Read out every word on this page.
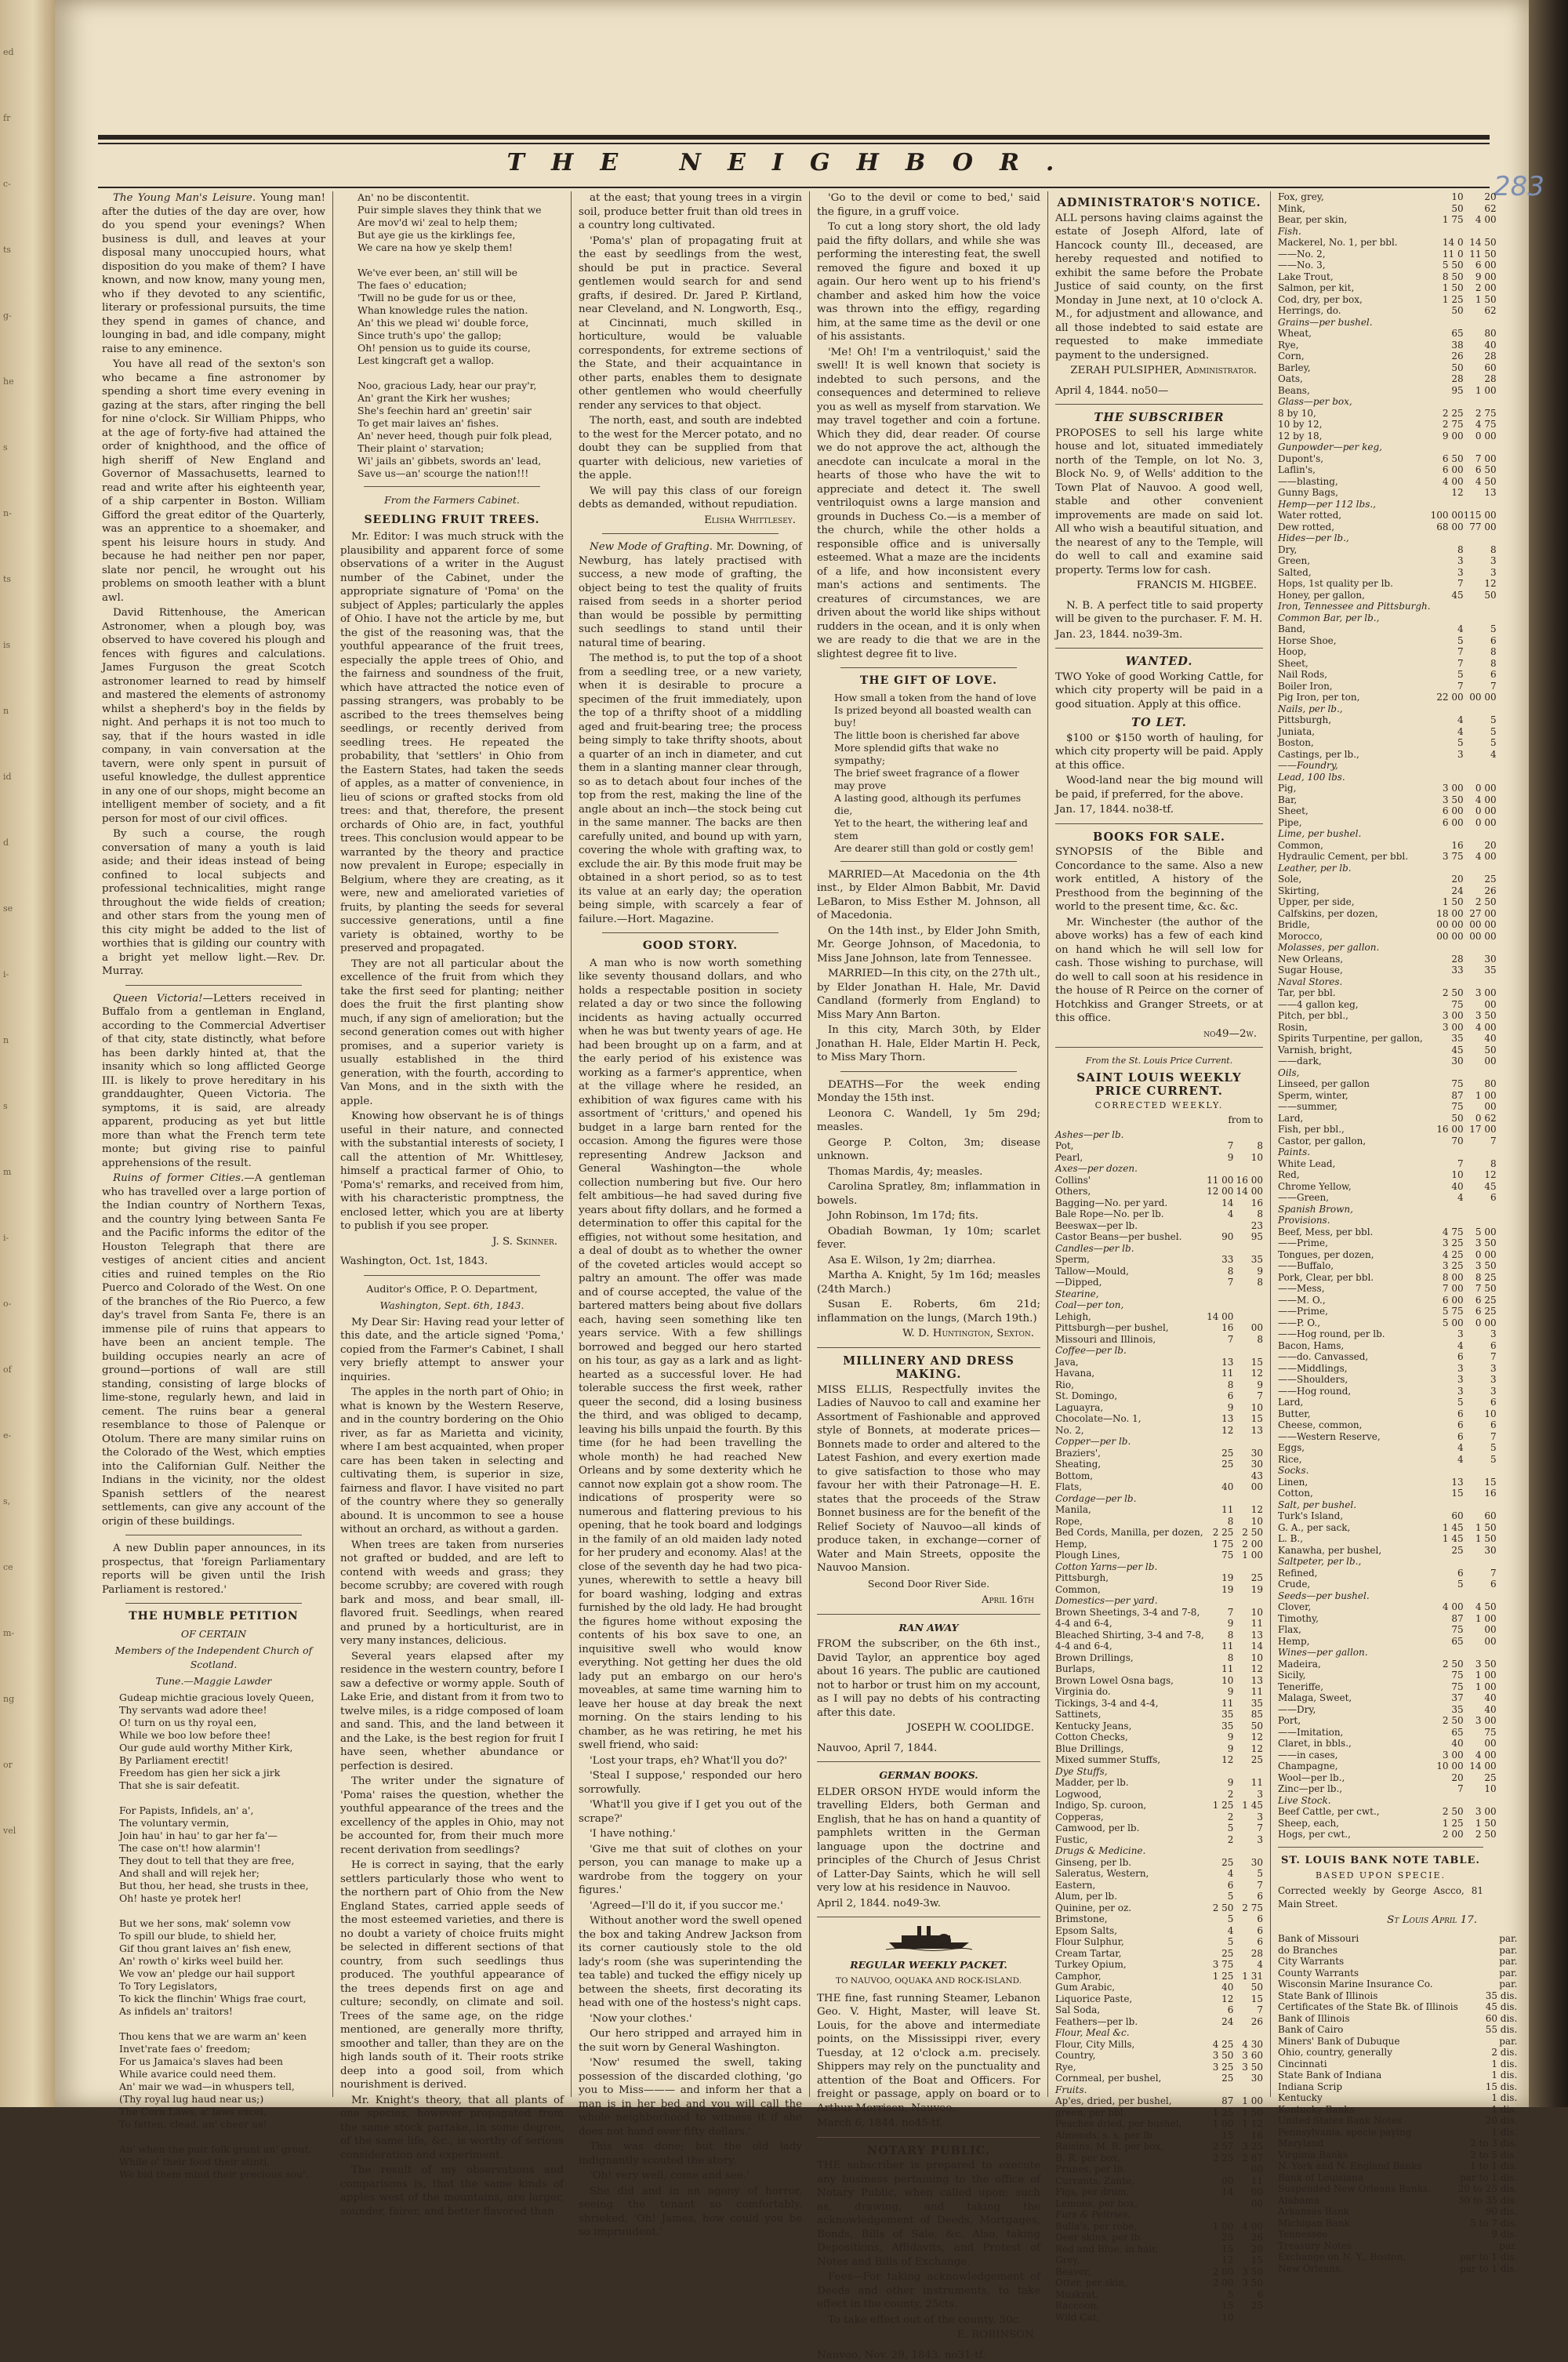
ed
fr
c-
ts
g-
he
s
n-
ts
is
n
id
d
se
i-
n
s
m
i-
o-
of
e-
s,
ce
m-
ng
or
vel
283
THE NEIGHBOR.

The Young Man's Leisure. Young man! after the duties of the day are over, how do you spend your evenings? When business is dull, and leaves at your disposal many unoccupied hours, what disposition do you make of them? I have known, and now know, many young men, who if they devoted to any scientific, literary or professional pursuits, the time they spend in games of chance, and lounging in bad, and idle company, might raise to any eminence.

You have all read of the sexton's son who became a fine astronomer by spending a short time every evening in gazing at the stars, after ringing the bell for nine o'clock. Sir William Phipps, who at the age of forty-five had attained the order of knighthood, and the office of high sheriff of New England and Governor of Massachusetts, learned to read and write after his eighteenth year, of a ship carpenter in Boston. William Gifford the great editor of the Quarterly, was an apprentice to a shoemaker, and spent his leisure hours in study. And because he had neither pen nor paper, slate nor pencil, he wrought out his problems on smooth leather with a blunt awl.

David Rittenhouse, the American Astronomer, when a plough boy, was observed to have covered his plough and fences with figures and calculations. James Furguson the great Scotch astronomer learned to read by himself and mastered the elements of astronomy whilst a shepherd's boy in the fields by night. And perhaps it is not too much to say, that if the hours wasted in idle company, in vain conversation at the tavern, were only spent in pursuit of useful knowledge, the dullest apprentice in any one of our shops, might become an intelligent member of society, and a fit person for most of our civil offices.

By such a course, the rough conversation of many a youth is laid aside; and their ideas instead of being confined to local subjects and professional technicalities, might range throughout the wide fields of creation; and other stars from the young men of this city might be added to the list of worthies that is gilding our country with a bright yet mellow light.—Rev. Dr. Murray.

Queen Victoria!—Letters received in Buffalo from a gentleman in England, according to the Commercial Advertiser of that city, state distinctly, what before has been darkly hinted at, that the insanity which so long afflicted George III. is likely to prove hereditary in his granddaughter, Queen Victoria. The symptoms, it is said, are already apparent, producing as yet but little more than what the French term tete monte; but giving rise to painful apprehensions of the result.

Ruins of former Cities.—A gentleman who has travelled over a large portion of the Indian country of Northern Texas, and the country lying between Santa Fe and the Pacific informs the editor of the Houston Telegraph that there are vestiges of ancient cities and ancient cities and ruined temples on the Rio Puerco and Colorado of the West. On one of the branches of the Rio Puerco, a few day's travel from Santa Fe, there is an immense pile of ruins that appears to have been an ancient temple. The building occupies nearly an acre of ground—portions of wall are still standing, consisting of large blocks of lime-stone, regularly hewn, and laid in cement. The ruins bear a general resemblance to those of Palenque or Otolum. There are many similar ruins on the Colorado of the West, which empties into the Californian Gulf. Neither the Indians in the vicinity, nor the oldest Spanish settlers of the nearest settlements, can give any account of the origin of these buildings.

A new Dublin paper announces, in its prospectus, that 'foreign Parliamentary reports will be given until the Irish Parliament is restored.'

THE HUMBLE PETITION
OF CERTAIN
Members of the Independent Church of Scotland.
Tune.—Maggie Lawder
Gudeap michtie gracious lovely Queen,
Thy servants wad adore thee!
O! turn on us thy royal een,
While we boo low before thee!
Our gude auld worthy Mither Kirk,
By Parliament erectit!
Freedom has gien her sick a jirk
That she is sair defeatit.

For Papists, Infidels, an' a',
The voluntary vermin,
Join hau' in hau' to gar her fa'—
The case on't! how alarmin'!
They dout to tell that they are free,
And shall and will rejek her;
But thou, her head, she trusts in thee,
Oh! haste ye protek her!

But we her sons, mak' solemn vow
To spill our blude, to shield her,
Gif thou grant laives an' fish enew,
An' rowth o' kirks weel build her.
We vow an' pledge our hail support
To Tory Legislators,
To kick the flinchin' Whigs frae court,
As infidels an' traitors!

Thou kens that we are warm an' keen
Invet'rate faes o' freedom;
For us Jamaica's slaves had been
While avarice could need them.
An' mair we wad—in whuspers tell,
(Thy royal lug haud near us;)
The Corn Laws, a' laws excel,
To fatten, clead, an' cheer us!

An' when the puir folk grunt an' grout,
While o' their food their stinti,
We bid them mind their precious sou'.
An' no be discontentit.
Puir simple slaves they think that we
Are mov'd wi' zeal to help them;
But aye gie us the kirklings fee,
We care na how ye skelp them!

We've ever been, an' still will be
The faes o' education;
'Twill no be gude for us or thee,
Whan knowledge rules the nation.
An' this we plead wi' double force,
Since truth's upo' the gallop;
Oh! pension us to guide its course,
Lest kingcraft get a wallop.

Noo, gracious Lady, hear our pray'r,
An' grant the Kirk her wushes;
She's feechin hard an' greetin' sair
To get mair laives an' fishes.
An' never heed, though puir folk plead,
Their plaint o' starvation;
Wi' jails an' gibbets, swords an' lead,
Save us—an' scourge the nation!!!
From the Farmers Cabinet.
SEEDLING FRUIT TREES.

Mr. Editor: I was much struck with the plausibility and apparent force of some observations of a writer in the August number of the Cabinet, under the appropriate signature of 'Poma' on the subject of Apples; particularly the apples of Ohio. I have not the article by me, but the gist of the reasoning was, that the youthful appearance of the fruit trees, especially the apple trees of Ohio, and the fairness and soundness of the fruit, which have attracted the notice even of passing strangers, was probably to be ascribed to the trees themselves being seedlings, or recently derived from seedling trees. He repeated the probability, that 'settlers' in Ohio from the Eastern States, had taken the seeds of apples, as a matter of convenience, in lieu of scions or grafted stocks from old trees: and that, therefore, the present orchards of Ohio are, in fact, youthful trees. This conclusion would appear to be warranted by the theory and practice now prevalent in Europe; especially in Belgium, where they are creating, as it were, new and ameliorated varieties of fruits, by planting the seeds for several successive generations, until a fine variety is obtained, worthy to be preserved and propagated.

They are not all particular about the excellence of the fruit from which they take the first seed for planting; neither does the fruit the first planting show much, if any sign of amelioration; but the second generation comes out with higher promises, and a superior variety is usually established in the third generation, with the fourth, according to Van Mons, and in the sixth with the apple.

Knowing how observant he is of things useful in their nature, and connected with the substantial interests of society, I call the attention of Mr. Whittlesey, himself a practical farmer of Ohio, to 'Poma's' remarks, and received from him, with his characteristic promptness, the enclosed letter, which you are at liberty to publish if you see proper.

J. S. Skinner.

Washington, Oct. 1st, 1843.

Auditor's Office, P. O. Department,
Washington, Sept. 6th, 1843.

My Dear Sir: Having read your letter of this date, and the article signed 'Poma,' copied from the Farmer's Cabinet, I shall very briefly attempt to answer your inquiries.

The apples in the north part of Ohio; in what is known by the Western Reserve, and in the country bordering on the Ohio river, as far as Marietta and vicinity, where I am best acquainted, when proper care has been taken in selecting and cultivating them, is superior in size, fairness and flavor. I have visited no part of the country where they so generally abound. It is uncommon to see a house without an orchard, as without a garden.

When trees are taken from nurseries not grafted or budded, and are left to contend with weeds and grass; they become scrubby; are covered with rough bark and moss, and bear small, ill-flavored fruit. Seedlings, when reared and pruned by a horticulturist, are in very many instances, delicious.

Several years elapsed after my residence in the western country, before I saw a defective or wormy apple. South of Lake Erie, and distant from it from two to twelve miles, is a ridge composed of loam and sand. This, and the land between it and the Lake, is the best region for fruit I have seen, whether abundance or perfection is desired.

The writer under the signature of 'Poma' raises the question, whether the youthful appearance of the trees and the excellency of the apples in Ohio, may not be accounted for, from their much more recent derivation from seedlings?

He is correct in saying, that the early settlers particularly those who went to the northern part of Ohio from the New England States, carried apple seeds of the most esteemed varieties, and there is no doubt a variety of choice fruits might be selected in different sections of that country, from such seedlings thus produced. The youthful appearance of the trees depends first on age and culture; secondly, on climate and soil. Trees of the same age, on the ridge mentioned, are generally more thrifty, smoother and taller, than they are on the high lands south of it. Their roots strike deep into a good soil, from which nourishment is derived.

Mr. Knight's theory, that all plants of one species, however propagated from the same stock partake, in some degree, of the same life, &c., is worthy of serious consideration and experiment.

The result of my observations and comparisons is, that the same kinds of apples west of the mountains, are larger, sounder, fairer, and better flavored than

at the east; that young trees in a virgin soil, produce better fruit than old trees in a country long cultivated.

'Poma's' plan of propagating fruit at the east by seedlings from the west, should be put in practice. Several gentlemen would search for and send grafts, if desired. Dr. Jared P. Kirtland, near Cleveland, and N. Longworth, Esq., at Cincinnati, much skilled in horticulture, would be valuable correspondents, for extreme sections of the State, and their acquaintance in other parts, enables them to designate other gentlemen who would cheerfully render any services to that object.

The north, east, and south are indebted to the west for the Mercer potato, and no doubt they can be supplied from that quarter with delicious, new varieties of the apple.

We will pay this class of our foreign debts as demanded, without repudiation.

Elisha Whittlesey.

New Mode of Grafting. Mr. Downing, of Newburg, has lately practised with success, a new mode of grafting, the object being to test the quality of fruits raised from seeds in a shorter period than would be possible by permitting such seedlings to stand until their natural time of bearing.

The method is, to put the top of a shoot from a seedling tree, or a new variety, when it is desirable to procure a specimen of the fruit immediately, upon the top of a thrifty shoot of a middling aged and fruit-bearing tree; the process being simply to take thrifty shoots, about a quarter of an inch in diameter, and cut them in a slanting manner clear through, so as to detach about four inches of the top from the rest, making the line of the angle about an inch—the stock being cut in the same manner. The backs are then carefully united, and bound up with yarn, covering the whole with grafting wax, to exclude the air. By this mode fruit may be obtained in a short period, so as to test its value at an early day; the operation being simple, with scarcely a fear of failure.—Hort. Magazine.

GOOD STORY.

A man who is now worth something like seventy thousand dollars, and who holds a respectable position in society related a day or two since the following incidents as having actually occurred when he was but twenty years of age. He had been brought up on a farm, and at the early period of his existence was working as a farmer's apprentice, when at the village where he resided, an exhibition of wax figures came with his assortment of 'critturs,' and opened his budget in a large barn rented for the occasion. Among the figures were those representing Andrew Jackson and General Washington—the whole collection numbering but five. Our hero felt ambitious—he had saved during five years about fifty dollars, and he formed a determination to offer this capital for the effigies, not without some hesitation, and a deal of doubt as to whether the owner of the coveted articles would accept so paltry an amount. The offer was made and of course accepted, the value of the bartered matters being about five dollars each, having seen something like ten years service. With a few shillings borrowed and begged our hero started on his tour, as gay as a lark and as light-hearted as a successful lover. He had tolerable success the first week, rather queer the second, did a losing business the third, and was obliged to decamp, leaving his bills unpaid the fourth. By this time (for he had been travelling the whole month) he had reached New Orleans and by some dexterity which he cannot now explain got a show room. The indications of prosperity were so numerous and flattering previous to his opening, that he took board and lodgings in the family of an old maiden lady noted for her prudery and economy. Alas! at the close of the seventh day he had two pica-yunes, wherewith to settle a heavy bill for board washing, lodging and extras furnished by the old lady. He had brought the figures home without exposing the contents of his box save to one, an inquisitive swell who would know everything. Not getting her dues the old lady put an embargo on our hero's moveables, at same time warning him to leave her house at day break the next morning. On the stairs lending to his chamber, as he was retiring, he met his swell friend, who said:

'Lost your traps, eh? What'll you do?'

'Steal I suppose,' responded our hero sorrowfully.

'What'll you give if I get you out of the scrape?'

'I have nothing.'

'Give me that suit of clothes on your person, you can manage to make up a wardrobe from the toggery on your figures.'

'Agreed—I'll do it, if you succor me.'

Without another word the swell opened the box and taking Andrew Jackson from its corner cautiously stole to the old lady's room (she was superintending the tea table) and tucked the effigy nicely up between the sheets, first decorating its head with one of the hostess's night caps.

'Now your clothes.'

Our hero stripped and arrayed him in the suit worn by General Washington.

'Now' resumed the swell, taking possession of the discarded clothing, 'go you to Miss——— and inform her that a man is in her bed and you will call the whole neighborhood to witness it if she does not hand over fifty dollars.'

This was done; but the old lady indignantly scouted the story.

'Oh! very well, come and see.'

She did and in an agony of horror, seeing the tenant so comfortably, shrieked, 'Oh! James, how could you be so impruudent.'

'Go to the devil or come to bed,' said the figure, in a gruff voice.

To cut a long story short, the old lady paid the fifty dollars, and while she was performing the interesting feat, the swell removed the figure and boxed it up again. Our hero went up to his friend's chamber and asked him how the voice was thrown into the effigy, regarding him, at the same time as the devil or one of his assistants.

'Me! Oh! I'm a ventriloquist,' said the swell! It is well known that society is indebted to such persons, and the consequences and determined to relieve you as well as myself from starvation. We may travel together and coin a fortune. Which they did, dear reader. Of course we do not approve the act, although the anecdote can inculcate a moral in the hearts of those who have the wit to appreciate and detect it. The swell ventriloquist owns a large mansion and grounds in Duchess Co.—is a member of the church, while the other holds a responsible office and is universally esteemed. What a maze are the incidents of a life, and how inconsistent every man's actions and sentiments. The creatures of circumstances, we are driven about the world like ships without rudders in the ocean, and it is only when we are ready to die that we are in the slightest degree fit to live.

THE GIFT OF LOVE.
How small a token from the hand of love
Is prized beyond all boasted wealth can buy!
The little boon is cherished far above
More splendid gifts that wake no sympathy;
The brief sweet fragrance of a flower may prove
A lasting good, although its perfumes die,
Yet to the heart, the withering leaf and stem
Are dearer still than gold or costly gem!

MARRIED—At Macedonia on the 4th inst., by Elder Almon Babbit, Mr. David LeBaron, to Miss Esther M. Johnson, all of Macedonia.

On the 14th inst., by Elder John Smith, Mr. George Johnson, of Macedonia, to Miss Jane Johnson, late from Tennessee.

MARRIED—In this city, on the 27th ult., by Elder Jonathan H. Hale, Mr. David Candland (formerly from England) to Miss Mary Ann Barton.

In this city, March 30th, by Elder Jonathan H. Hale, Elder Martin H. Peck, to Miss Mary Thorn.

DEATHS—For the week ending Monday the 15th inst.

Leonora C. Wandell, 1y 5m 29d; measles.

George P. Colton, 3m; disease unknown.

Thomas Mardis, 4y; measles.

Carolina Spratley, 8m; inflammation in bowels.

John Robinson, 1m 17d; fits.

Obadiah Bowman, 1y 10m; scarlet fever.

Asa E. Wilson, 1y 2m; diarrhea.

Martha A. Knight, 5y 1m 16d; measles (24th March.)

Susan E. Roberts, 6m 21d; inflammation on the lungs, (March 19th.)

W. D. Huntington, Sexton.
MILLINERY AND DRESS MAKING.

MISS ELLIS, Respectfully invites the Ladies of Nauvoo to call and examine her Assortment of Fashionable and approved style of Bonnets, at moderate prices—Bonnets made to order and altered to the Latest Fashion, and every exertion made to give satisfaction to those who may favour her with their Patronage—H. E. states that the proceeds of the Straw Bonnet business are for the benefit of the Relief Society of Nauvoo—all kinds of produce taken, in exchange—corner of Water and Main Streets, opposite the Nauvoo Mansion.

Second Door River Side.
April 16th
RAN AWAY

FROM the subscriber, on the 6th inst., David Taylor, an apprentice boy aged about 16 years. The public are cautioned not to harbor or trust him on my account, as I will pay no debts of his contracting after this date.

JOSEPH W. COOLIDGE.

Nauvoo, April 7, 1844.

GERMAN BOOKS.

ELDER ORSON HYDE would inform the travelling Elders, both German and English, that he has on hand a quantity of pamphlets written in the German language upon the doctrine and principles of the Church of Jesus Christ of Latter-Day Saints, which he will sell very low at his residence in Nauvoo.

April 2, 1844. no49-3w.

REGULAR WEEKLY PACKET.
TO NAUVOO, OQUAKA AND ROCK-ISLAND.

THE fine, fast running Steamer, Lebanon Geo. V. Hight, Master, will leave St. Louis, for the above and intermediate points, on the Mississippi river, every Tuesday, at 12 o'clock a.m. precisely. Shippers may rely on the punctuality and attention of the Boat and Officers. For freight or passage, apply on board or to Arthur Morrison, Nauvoo.

March 6, 1844. no45-tf.

NOTARY PUBLIC.

THE subscriber is prepared to execute any business pertaining to the office of Notary Public, when called upon; such as, drawing, and taking the acknowledgement of Deeds, Mortgages, Bonds, Bills of Sale, &c. Also, taking Depositions, Affidavits, and Protest of Notes and Bills of Exchange.

Fees—For taking acknowledgement of Deeds and other instruments, to take effect in the county, 25cts.

To take effect out of the county, 50c.

E. ROBINSON

Nauvoo, Nov. 29, 1843. no31-tf.

ADMINISTRATOR'S NOTICE.

ALL persons having claims against the estate of Joseph Alford, late of Hancock county Ill., deceased, are hereby requested and notified to exhibit the same before the Probate Justice of said county, on the first Monday in June next, at 10 o'clock A. M., for adjustment and allowance, and all those indebted to said estate are requested to make immediate payment to the undersigned.

ZERAH PULSIPHER, Administrator.

April 4, 1844. no50—

THE SUBSCRIBER

PROPOSES to sell his large white house and lot, situated immediately north of the Temple, on lot No. 3, Block No. 9, of Wells' addition to the Town Plat of Nauvoo. A good well, stable and other convenient improvements are made on said lot. All who wish a beautiful situation, and the nearest of any to the Temple, will do well to call and examine said property. Terms low for cash.

FRANCIS M. HIGBEE.

N. B. A perfect title to said property will be given to the purchaser. F. M. H.

Jan. 23, 1844. no39-3m.

WANTED.

TWO Yoke of good Working Cattle, for which city property will be paid in a good situation. Apply at this office.

TO LET.

$100 or $150 worth of hauling, for which city property will be paid. Apply at this office.

Wood-land near the big mound will be paid, if preferred, for the above.

Jan. 17, 1844. no38-tf.

BOOKS FOR SALE.

SYNOPSIS of the Bible and Concordance to the same. Also a new work entitled, A history of the Presthood from the beginning of the world to the present time, &c. &c.

Mr. Winchester (the author of the above works) has a few of each kind on hand which he will sell low for cash. Those wishing to purchase, will do well to call soon at his residence in the house of R Peirce on the corner of Hotchkiss and Granger Streets, or at this office.

no49—2w.
From the St. Louis Price Current.
SAINT LOUIS WEEKLY PRICE CURRENT.
CORRECTED WEEKLY.
from to
Ashes—per lb.		
Pot,	7	8
Pearl,	9	10
Axes—per dozen.		
Collins'	11 00	16 00
Others,	12 00	14 00
Bagging—No. per yard.	14	16
Bale Rope—No. per lb.	4	8
Beeswax—per lb.		23
Castor Beans—per bushel.	90	95
Candles—per lb.		
Sperm,	33	35
Tallow—Mould,	8	9
—Dipped,	7	8
Stearine,		
Coal—per ton,		
Lehigh,	14 00	
Pittsburgh—per bushel,	16	00
Missouri and Illinois,	7	8
Coffee—per lb.		
Java,	13	15
Havana,	11	12
Rio,	8	9
St. Domingo,	6	7
Laguayra,	9	10
Chocolate—No. 1,	13	15
No. 2,	12	13
Copper—per lb.		
Braziers',	25	30
Sheating,	25	30
Bottom,		43
Flats,	40	00
Cordage—per lb.		
Manila,	11	12
Rope,	8	10
Bed Cords, Manilla, per dozen,	2 25	2 50
Hemp,	1 75	2 00
Plough Lines,	75	1 00
Cotton Yarns—per lb.		
Pittsburgh,	19	25
Common,	19	19
Domestics—per yard.		
Brown Sheetings, 3-4 and 7-8,	7	10
4-4 and 6-4,	9	11
Bleached Shirting, 3-4 and 7-8,	8	13
4-4 and 6-4,	11	14
Brown Drillings,	8	10
Burlaps,	11	12
Brown Lowel Osna bags,	10	13
Virginia do.	9	11
Tickings, 3-4 and 4-4,	11	35
Sattinets,	35	85
Kentucky Jeans,	35	50
Cotton Checks,	9	12
Blue Drillings,	9	12
Mixed summer Stuffs,	12	25
Dye Stuffs,		
Madder, per lb.	9	11
Logwood,	2	3
Indigo, Sp. curoon,	1 25	1 45
Copperas,	2	3
Camwood, per lb.	5	7
Fustic,	2	3
Drugs & Medicine.		
Ginseng, per lb.	25	30
Saleratus, Western,	4	5
Eastern,	6	7
Alum, per lb.	5	6
Quinine, per oz.	2 50	2 75
Brimstone,	5	6
Epsom Salts,	4	6
Flour Sulphur,	5	6
Cream Tartar,	25	28
Turkey Opium,	3 75	4
Camphor,	1 25	1 31
Gum Arabic,	40	50
Liquorice Paste,	12	15
Sal Soda,	6	7
Feathers—per lb.	24	26
Flour, Meal &c.		
Flour, City Mills,	4 25	4 30
Country,	3 50	3 60
Rye,	3 25	3 50
Cornmeal, per bushel,	25	30
Fruits.		
Ap'es, dried, per bushel,	87	1 00
green, per bbl.	1 25	1 50
Peaches dried, per bushel,	1 00	1 12
Almonds, s. s. per lb.	15	16
Raisins, M. R. per box,	2 57	3 25
B. R. per box,	2 25	2 87
Prunes, per lb.		00
Currants, Zante,	00	11
Figs, per drum,	14	00
Lemons, per box,		00
Furs & Peltries.		
Bulla's, per robe,	1 00	4 00
Deer skins, per lb.	25	26
Red and Blue, in hair,	15	20
Grey,	12	15
Beaver,	2 00	3 50
Otter, per skin,	2 00	3 50
Muskrat,	5	6
Raccoon,	15	25
Wild Cat,	10	
Fox, grey,	10	20
Mink,	50	62
Bear, per skin,	1 75	4 00
Fish.		
Mackerel, No. 1, per bbl.	14 0	14 50
——No. 2,	11 0	11 50
——No. 3,	5 50	6 00
Lake Trout,	8 50	9 00
Salmon, per kit,	1 50	2 00
Cod, dry, per box,	1 25	1 50
Herrings, do.	50	62
Grains—per bushel.		
Wheat,	65	80
Rye,	38	40
Corn,	26	28
Barley,	50	60
Oats,	28	28
Beans,	95	1 00
Glass—per box,		
8 by 10,	2 25	2 75
10 by 12,	2 75	4 75
12 by 18,	9 00	0 00
Gunpowder—per keg,		
Dupont's,	6 50	7 00
Laflin's,	6 00	6 50
——blasting,	4 00	4 50
Gunny Bags,	12	13
Hemp—per 112 lbs.,		
Water rotted,	100 00	115 00
Dew rotted,	68 00	77 00
Hides—per lb.,		
Dry,	8	8
Green,	3	3
Salted,	3	3
Hops, 1st quality per lb.	7	12
Honey, per gallon,	45	50
Iron, Tennessee and Pittsburgh.		
Common Bar, per lb.,		
Band,	4	5
Horse Shoe,	5	6
Hoop,	7	8
Sheet,	7	8
Nail Rods,	5	6
Boiler Iron,	7	7
Pig Iron, per ton,	22 00	00 00
Nails, per lb.,		
Pittsburgh,	4	5
Juniata,	4	5
Boston,	5	5
Castings, per lb.,	3	4
——Foundry,		
Lead, 100 lbs.		
Pig,	3 00	0 00
Bar,	3 50	4 00
Sheet,	6 00	0 00
Pipe,	6 00	0 00
Lime, per bushel.		
Common,	16	20
Hydraulic Cement, per bbl.	3 75	4 00
Leather, per lb.		
Sole,	20	25
Skirting,	24	26
Upper, per side,	1 50	2 50
Calfskins, per dozen,	18 00	27 00
Bridle,	00 00	00 00
Morocco,	00 00	00 00
Molasses, per gallon.		
New Orleans,	28	30
Sugar House,	33	35
Naval Stores.		
Tar, per bbl.	2 50	3 00
——4 gallon keg,	75	00
Pitch, per bbl.,	3 00	3 50
Rosin,	3 00	4 00
Spirits Turpentine, per gallon,	35	40
Varnish, bright,	45	50
——dark,	30	00
Oils,		
Linseed, per gallon	75	80
Sperm, winter,	87	1 00
——summer,	75	00
Lard,	50	0 62
Fish, per bbl.,	16 00	17 00
Castor, per gallon,	70	7
Paints.		
White Lead,	7	8
Red,	10	12
Chrome Yellow,	40	45
——Green,	4	6
Spanish Brown,		
Provisions.		
Beef, Mess, per bbl.	4 75	5 00
——Prime,	3 25	3 50
Tongues, per dozen,	4 25	0 00
——Buffalo,	3 25	3 50
Pork, Clear, per bbl.	8 00	8 25
——Mess,	7 00	7 50
——M. O.,	6 00	6 25
——Prime,	5 75	6 25
——P. O.,	5 00	0 00
——Hog round, per lb.	3	3
Bacon, Hams,	4	6
——do. Canvassed,	6	7
——Middlings,	3	3
——Shoulders,	3	3
——Hog round,	3	3
Lard,	5	6
Butter,	6	10
Cheese, common,	6	6
——Western Reserve,	6	7
Eggs,	4	5
Rice,	4	5
Socks.		
Linen,	13	15
Cotton,	15	16
Salt, per bushel.		
Turk's Island,	60	60
G. A., per sack,	1 45	1 50
L. B.,	1 45	1 50
Kanawha, per bushel,	25	30
Saltpeter, per lb.,		
Refined,	6	7
Crude,	5	6
Seeds—per bushel.		
Clover,	4 00	4 50
Timothy,	87	1 00
Flax,	75	00
Hemp,	65	00
Wines—per gallon.		
Madeira,	2 50	3 50
Sicily,	75	1 00
Teneriffe,	75	1 00
Malaga, Sweet,	37	40
——Dry,	35	40
Port,	2 50	3 00
——Imitation,	65	75
Claret, in bbls.,	40	00
——in cases,	3 00	4 00
Champagne,	10 00	14 00
Wool—per lb.,	20	25
Zinc—per lb.,	7	10
Live Stock.		
Beef Cattle, per cwt.,	2 50	3 00
Sheep, each,	1 25	1 50
Hogs, per cwt.,	2 00	2 50
ST. LOUIS BANK NOTE TABLE.
BASED UPON SPECIE.

Corrected weekly by George Ascco, 81 Main Street.

St Louis April 17.
Bank of Missouri	par.
do Branches	par.
City Warrants	par.
County Warrants	par.
Wisconsin Marine Insurance Co.	par.
State Bank of Illinois	35 dis.
Certificates of the State Bk. of Illinois	45 dis.
Bank of Illinois	60 dis.
Bank of Cairo	55 dis.
Miners' Bank of Dubuque	par.
Ohio, country, generally	2 dis.
Cincinnati	1 dis.
State Bank of Indiana	1 dis.
Indiana Scrip	15 dis.
Kentucky	1 dis.
Kentucky Banks	1 dis.
United States Bank Notes	20 dis.
Pennsylvania, specie paying	1 dis.
Maryland	2 to 3 dis.
Virginia Banks	2 to 5 dis.
N. York and N. England Banks	1 to 1 dis.
Bank of Louisiana	par to 1 dis.
Suspended New Orleans Banks,	20 to 25 dis.
Alabama	30 to 35 dis.
Arkansas Bank	90 dis.
Michigan Bank	5 to 7 dis.
Tennessee	9 dis.
Treasury Notes	par.
Exchange on N. Y., Boston,	par to 1 dis.
New Orleans,	par to 1 dis.
